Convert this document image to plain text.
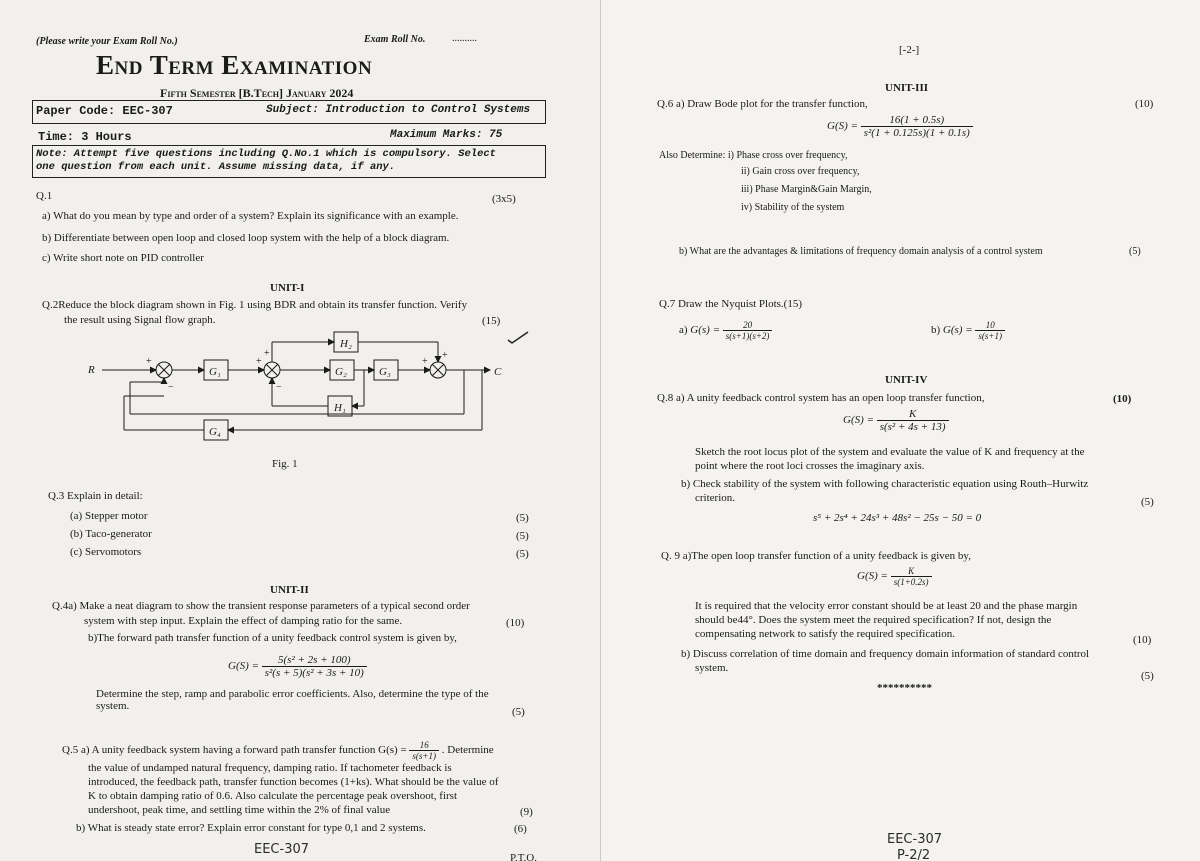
(Please write your Exam Roll No.)	Exam Roll No.	..........
End Term Examination
Fifth Semester [B.Tech] January 2024
Paper Code: EEC-307	Subject: Introduction to Control Systems
Time: 3 Hours	Maximum Marks: 75
Note: Attempt five questions including Q.No.1 which is compulsory. Select
one question from each unit. Assume missing data, if any.
Q.1	(3x5)
a) What do you mean by type and order of a system? Explain its significance with an example.
b) Differentiate between open loop and closed loop system with the help of a block diagram.
c) Write short note on PID controller
UNIT-I
Q.2Reduce the block diagram shown in Fig. 1 using BDR and obtain its transfer function. Verify
the result using Signal flow graph.	(15)
R	C
G₁	G₂	G₃
G₄
H₁
H₂
+
−
+
+
−
+
+
Fig. 1
Q.3 Explain in detail:
(a) Stepper motor
(b) Taco-generator
(c) Servomotors
(5)
(5)
(5)
UNIT-II
Q.4a) Make a neat diagram to show the transient response parameters of a typical second order
system with step input. Explain the effect of damping ratio for the same.	(10)
b)The forward path transfer function of a unity feedback control system is given by,
$G(S) = \frac{\text{5(s² + 2s + 100)}}{\text{s²(s + 5)(s² + 3s + 10)}}$
Determine the step, ramp and parabolic error coefficients. Also, determine the type of the
system.	(5)
Q.5 a) A unity feedback system having a forward path transfer function $G(s) = \frac{16}{s(s+1)}$ . Determine
the value of undamped natural frequency, damping ratio. If tachometer feedback is
introduced, the feedback path, transfer function becomes (1+ks). What should be the value of
K to obtain damping ratio of 0.6. Also calculate the percentage peak overshoot, first
undershoot, peak time, and settling time within the 2% of final value	(9)
b) What is steady state error? Explain error constant for type 0,1 and 2 systems.	(6)
EEC-307
P.T.O.
[-2-]
UNIT-III
Q.6 a) Draw Bode plot for the transfer function,	(10)
$G(S) = \frac{16(1 + 0.5s)}{\text{s²(1 + 0.125s)(1 + 0.1s)}}$
Also Determine: i) Phase cross over frequency,
ii) Gain cross over frequency,
iii) Phase Margin&Gain Margin,
iv) Stability of the system
b) What are the advantages & limitations of frequency domain analysis of a control system	(5)
Q.7 Draw the Nyquist Plots.(15)
a) $G(s) = \frac{20}{s(s+1)(s+2)}$	b) $G(s) = \frac{10}{s(s+1)}$
UNIT-IV
Q.8 a) A unity feedback control system has an open loop transfer function,	(10)
$G(S) = \frac{K}{\text{s(s² + 4s + 13)}}$
Sketch the root locus plot of the system and evaluate the value of K and frequency at the
point where the root loci crosses the imaginary axis.
b) Check stability of the system with following characteristic equation using Routh–Hurwitz
criterion.	(5)
s⁵ + 2s⁴ + 24s³ + 48s² − 25s − 50 = 0
Q. 9 a)The open loop transfer function of a unity feedback is given by,
$G(S) = \frac{K}{s(1+0.2s)}$
It is required that the velocity error constant should be at least 20 and the phase margin
should be44°. Does the system meet the required specification? If not, design the
compensating network to satisfy the required specification.	(10)
b) Discuss correlation of time domain and frequency domain information of standard control
system.
(5)
**********
EEC-307
P-2/2
